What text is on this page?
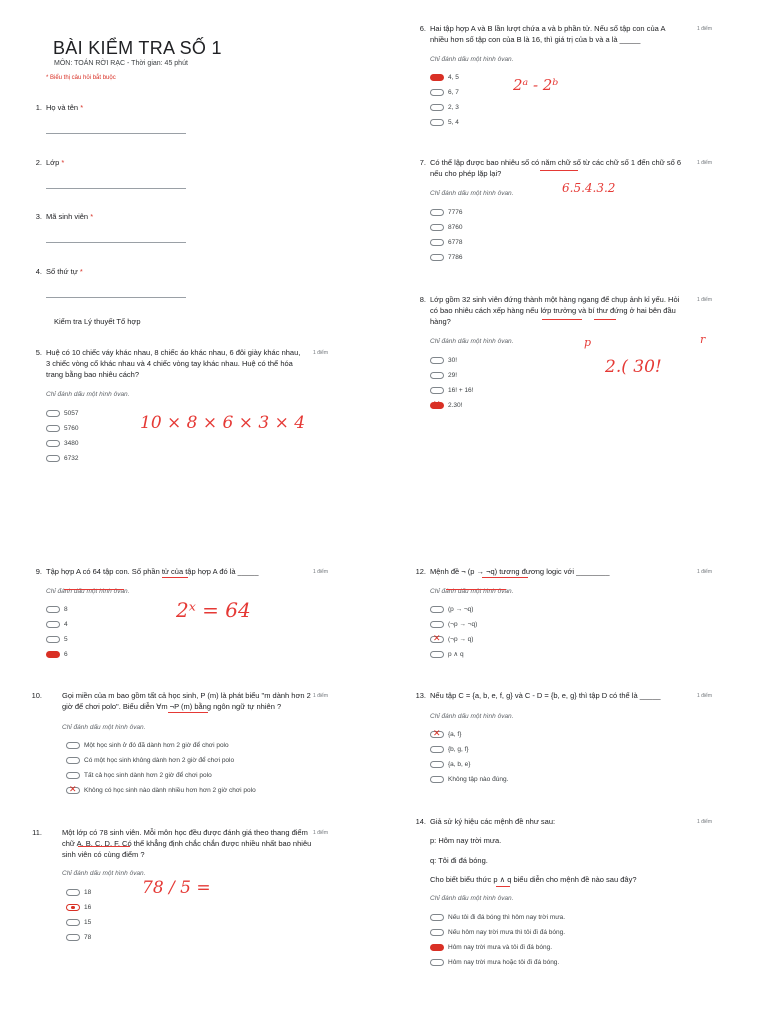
BÀI KIỂM TRA SỐ 1
MÔN: TOÁN RỜI RẠC - Thời gian: 45 phút
* Biểu thị câu hỏi bắt buộc
1. Họ và tên *
2. Lớp *
3. Mã sinh viên *
4. Số thứ tự *
Kiểm tra Lý thuyết Tổ hợp
5. Huệ có 10 chiếc váy khác nhau, 8 chiếc áo khác nhau, 6 đôi giày khác nhau, 3 chiếc vòng cổ khác nhau và 4 chiếc vòng tay khác nhau. Huệ có thể hóa trang bằng bao nhiêu cách?
1 điểm
Chỉ đánh dấu một hình ôvan.
5057
5760
3480
6732
10 × 8 × 6 × 3 × 4
6. Hai tập hợp A và B lần lượt chứa a và b phần tử. Nếu số tập con của A nhiều hơn số tập con của B là 16, thì giá trị của b và a là _____
1 điểm
Chỉ đánh dấu một hình ôvan.
4, 5
6, 7
2, 3
5, 4
2ᵃ - 2ᵇ
7. Có thể lập được bao nhiêu số có năm chữ số từ các chữ số 1 đến chữ số 6 nếu cho phép lặp lại?
1 điểm
Chỉ đánh dấu một hình ôvan.
7776
8760
6778
7786
6.5.4.3.2
8. Lớp gồm 32 sinh viên đứng thành một hàng ngang để chụp ảnh kỉ yếu. Hỏi có bao nhiêu cách xếp hàng nếu lớp trưởng và bí thư đứng ở hai bên đầu hàng?
1 điểm
Chỉ đánh dấu một hình ôvan.
30!
29!
16! + 16!
✕
2.30!
p	r
2.( 30!
9. Tập hợp A có 64 tập con. Số phần tử của tập hợp A đó là _____	1 điểm
Chỉ đánh dấu một hình ôvan.
8
4
5
6
2ˣ = 64
10.	Gọi miền của m bao gồm tất cả học sinh, P (m) là phát biểu "m dành hơn 2 giờ để chơi polo". Biểu diễn ∀m ¬P (m) bằng ngôn ngữ tự nhiên ?
1 điểm
Chỉ đánh dấu một hình ôvan.
Một học sinh ở đó đã dành hơn 2 giờ để chơi polo
Có một học sinh không dành hơn 2 giờ để chơi polo
Tất cả học sinh dành hơn 2 giờ để chơi polo
✕
Không có học sinh nào dành nhiều hơn hơn 2 giờ chơi polo
11.	Một lớp có 78 sinh viên. Mỗi môn học đều được đánh giá theo thang điểm chữ A, B, C, D, F. Có thể khẳng định chắc chắn được nhiều nhất bao nhiêu sinh viên có cùng điểm ?
1 điểm
Chỉ đánh dấu một hình ôvan.
18
16
15
78
78 / 5 =
12. Mệnh đề ¬ (p → ¬q) tương đương logic với ________	1 điểm
Chỉ đánh dấu một hình ôvan.
(p → ¬q)
(¬p → ¬q)
✕
(¬p → q)
p ∧ q
13. Nếu tập C = {a, b, e, f, g} và C - D = {b, e, g} thì tập D có thể là _____	1 điểm
Chỉ đánh dấu một hình ôvan.
✕
{a, f}
{b, g, f}
{a, b, e}
Không tập nào đúng.
14. Giả sử ký hiệu các mệnh đề như sau:	1 điểm
p: Hôm nay trời mưa.
q: Tôi đi đá bóng.
Cho biết biểu thức p ∧ q biểu diễn cho mệnh đề nào sau đây?
Chỉ đánh dấu một hình ôvan.
Nếu tôi đi đá bóng thì hôm nay trời mưa.
Nếu hôm nay trời mưa thì tôi đi đá bóng.
Hôm nay trời mưa và tôi đi đá bóng.
Hôm nay trời mưa hoặc tôi đi đá bóng.
